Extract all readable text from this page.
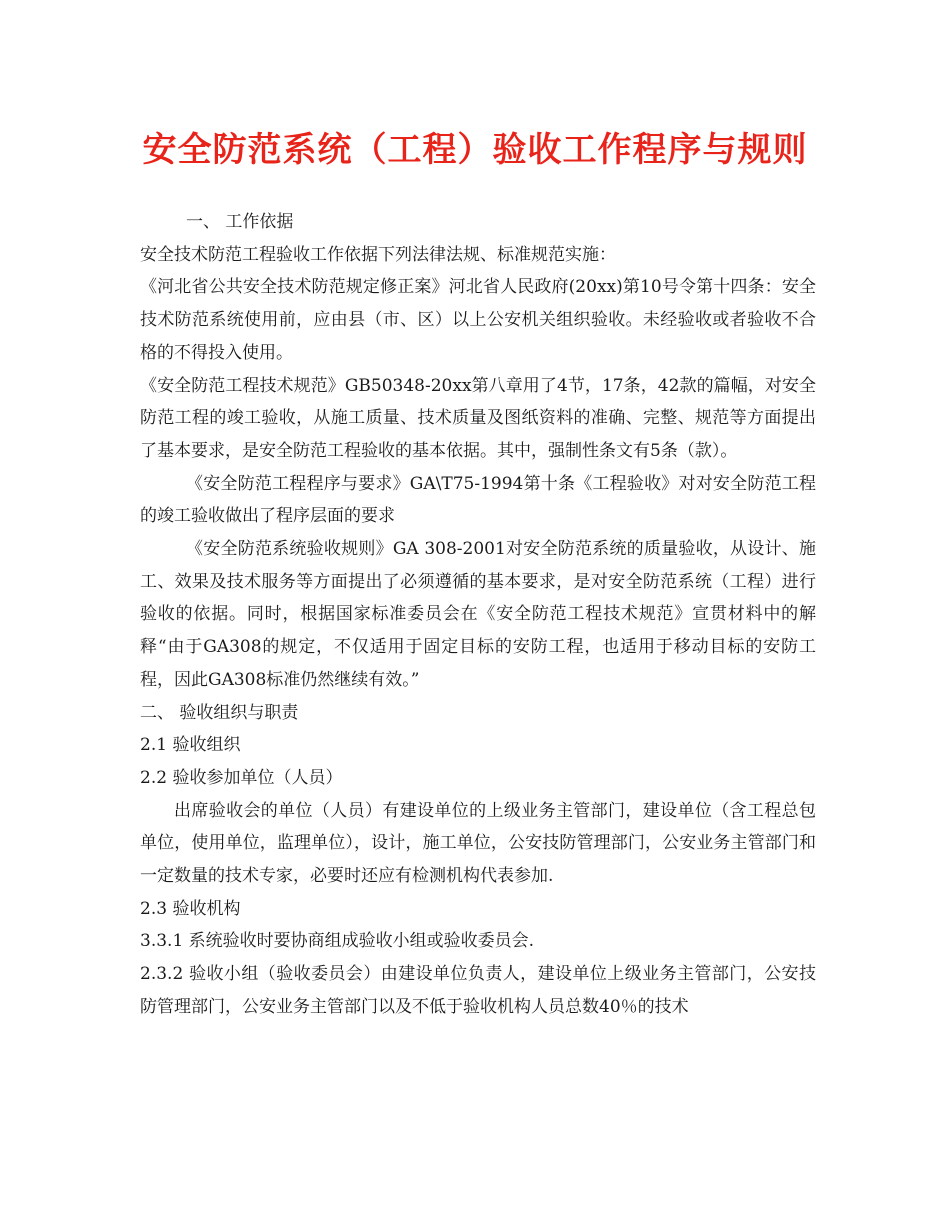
安全防范系统（工程）验收工作程序与规则

一、 工作依据

安全技术防范工程验收工作依据下列法律法规、标准规范实施：

《河北省公共安全技术防范规定修正案》河北省人民政府(20xx)第10号令第十四条：安全技术防范系统使用前，应由县（市、区）以上公安机关组织验收。未经验收或者验收不合格的不得投入使用。

《安全防范工程技术规范》GB50348-20xx第八章用了4节，17条，42款的篇幅，对安全防范工程的竣工验收，从施工质量、技术质量及图纸资料的准确、完整、规范等方面提出了基本要求，是安全防范工程验收的基本依据。其中，强制性条文有5条（款）。

《安全防范工程程序与要求》GA\T75-1994第十条《工程验收》对对安全防范工程的竣工验收做出了程序层面的要求

《安全防范系统验收规则》GA 308-2001对安全防范系统的质量验收，从设计、施工、效果及技术服务等方面提出了必须遵循的基本要求，是对安全防范系统（工程）进行验收的依据。同时，根据国家标准委员会在《安全防范工程技术规范》宣贯材料中的解释“由于GA308的规定，不仅适用于固定目标的安防工程，也适用于移动目标的安防工程，因此GA308标准仍然继续有效。”

二、 验收组织与职责

2.1 验收组织

2.2 验收参加单位（人员）

出席验收会的单位（人员）有建设单位的上级业务主管部门，建设单位（含工程总包单位，使用单位，监理单位），设计，施工单位，公安技防管理部门，公安业务主管部门和一定数量的技术专家，必要时还应有检测机构代表参加.

2.3 验收机构

3.3.1 系统验收时要协商组成验收小组或验收委员会.

2.3.2 验收小组（验收委员会）由建设单位负责人，建设单位上级业务主管部门，公安技防管理部门，公安业务主管部门以及不低于验收机构人员总数40％的技术
